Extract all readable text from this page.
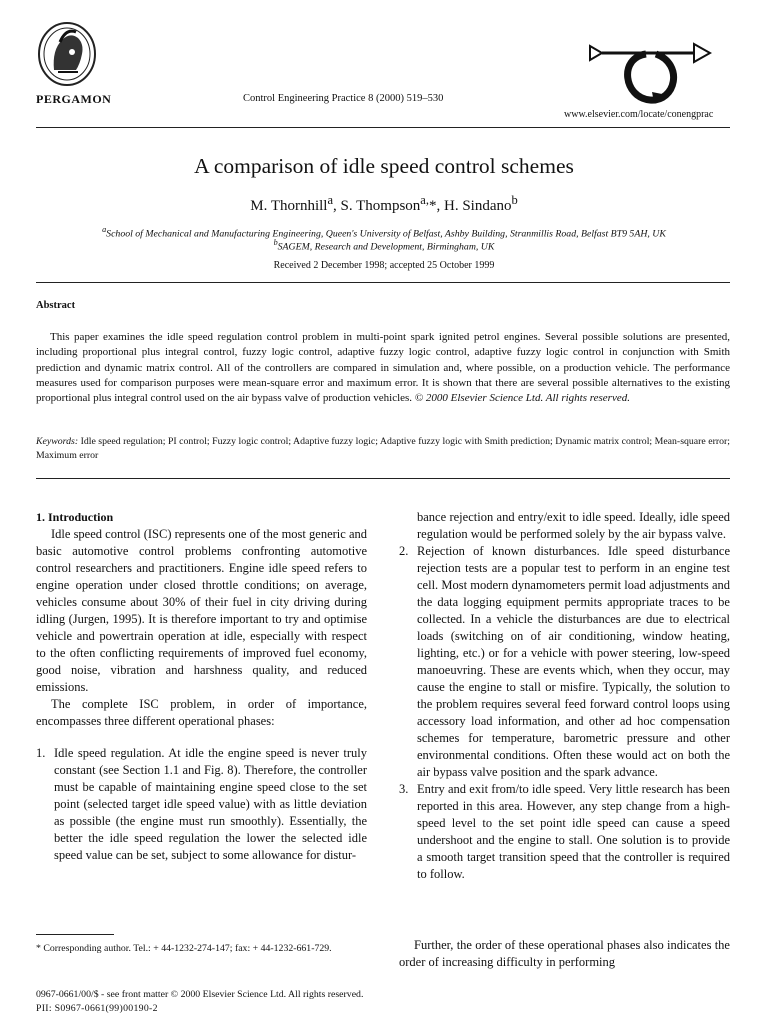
PERGAMON	Control Engineering Practice 8 (2000) 519–530
www.elsevier.com/locate/conengprac
A comparison of idle speed control schemes
M. Thornhill$^a$, S. Thompson$^{a,}$*, H. Sindano$^b$
$^a$School of Mechanical and Manufacturing Engineering, Queen's University of Belfast, Ashby Building, Stranmillis Road, Belfast BT9 5AH, UK
$^b$SAGEM, Research and Development, Birmingham, UK
Received 2 December 1998; accepted 25 October 1999
Abstract

This paper examines the idle speed regulation control problem in multi-point spark ignited petrol engines. Several possible solutions are presented, including proportional plus integral control, fuzzy logic control, adaptive fuzzy logic control, adaptive fuzzy logic control in conjunction with Smith prediction and dynamic matrix control. All of the controllers are compared in simulation and, where possible, on a production vehicle. The performance measures used for comparison purposes were mean-square error and maximum error. It is shown that there are several possible alternatives to the existing proportional plus integral control used on the air bypass valve of production vehicles. © 2000 Elsevier Science Ltd. All rights reserved.

Keywords: Idle speed regulation; PI control; Fuzzy logic control; Adaptive fuzzy logic; Adaptive fuzzy logic with Smith prediction; Dynamic matrix control; Mean-square error; Maximum error

1. Introduction

Idle speed control (ISC) represents one of the most generic and basic automotive control problems confronting automotive control researchers and practitioners. Engine idle speed refers to engine operation under closed throttle conditions; on average, vehicles consume about 30% of their fuel in city driving during idling (Jurgen, 1995). It is therefore important to try and optimise vehicle and powertrain operation at idle, especially with respect to the often conflicting requirements of improved fuel economy, good noise, vibration and harshness quality, and reduced emissions.

The complete ISC problem, in order of importance, encompasses three different operational phases:

1. Idle speed regulation. At idle the engine speed is never truly constant (see Section 1.1 and Fig. 8). Therefore, the controller must be capable of maintaining engine speed close to the set point (selected target idle speed value) with as little deviation as possible (the engine must run smoothly). Essentially, the better the idle speed regulation the lower the selected idle speed value can be set, subject to some allowance for distur-
bance rejection and entry/exit to idle speed. Ideally, idle speed regulation would be performed solely by the air bypass valve.
2. Rejection of known disturbances. Idle speed disturbance rejection tests are a popular test to perform in an engine test cell. Most modern dynamometers permit load adjustments and the data logging equipment permits appropriate traces to be collected. In a vehicle the disturbances are due to electrical loads (switching on of air conditioning, window heating, lighting, etc.) or for a vehicle with power steering, low-speed manoeuvring. These are events which, when they occur, may cause the engine to stall or misfire. Typically, the solution to the problem requires several feed forward control loops using accessory load information, and other ad hoc compensation schemes for temperature, barometric pressure and other environmental conditions. Often these would act on both the air bypass valve position and the spark advance.
3. Entry and exit from/to idle speed. Very little research has been reported in this area. However, any step change from a high-speed level to the set point idle speed can cause a speed undershoot and the engine to stall. One solution is to provide a smooth target transition speed that the controller is required to follow.

Further, the order of these operational phases also indicates the order of increasing difficulty in performing

* Corresponding author. Tel.: + 44-1232-274-147; fax: + 44-1232-661-729.

0967-0661/00/$ - see front matter © 2000 Elsevier Science Ltd. All rights reserved.
PII: S0967-0661(99)00190-2
